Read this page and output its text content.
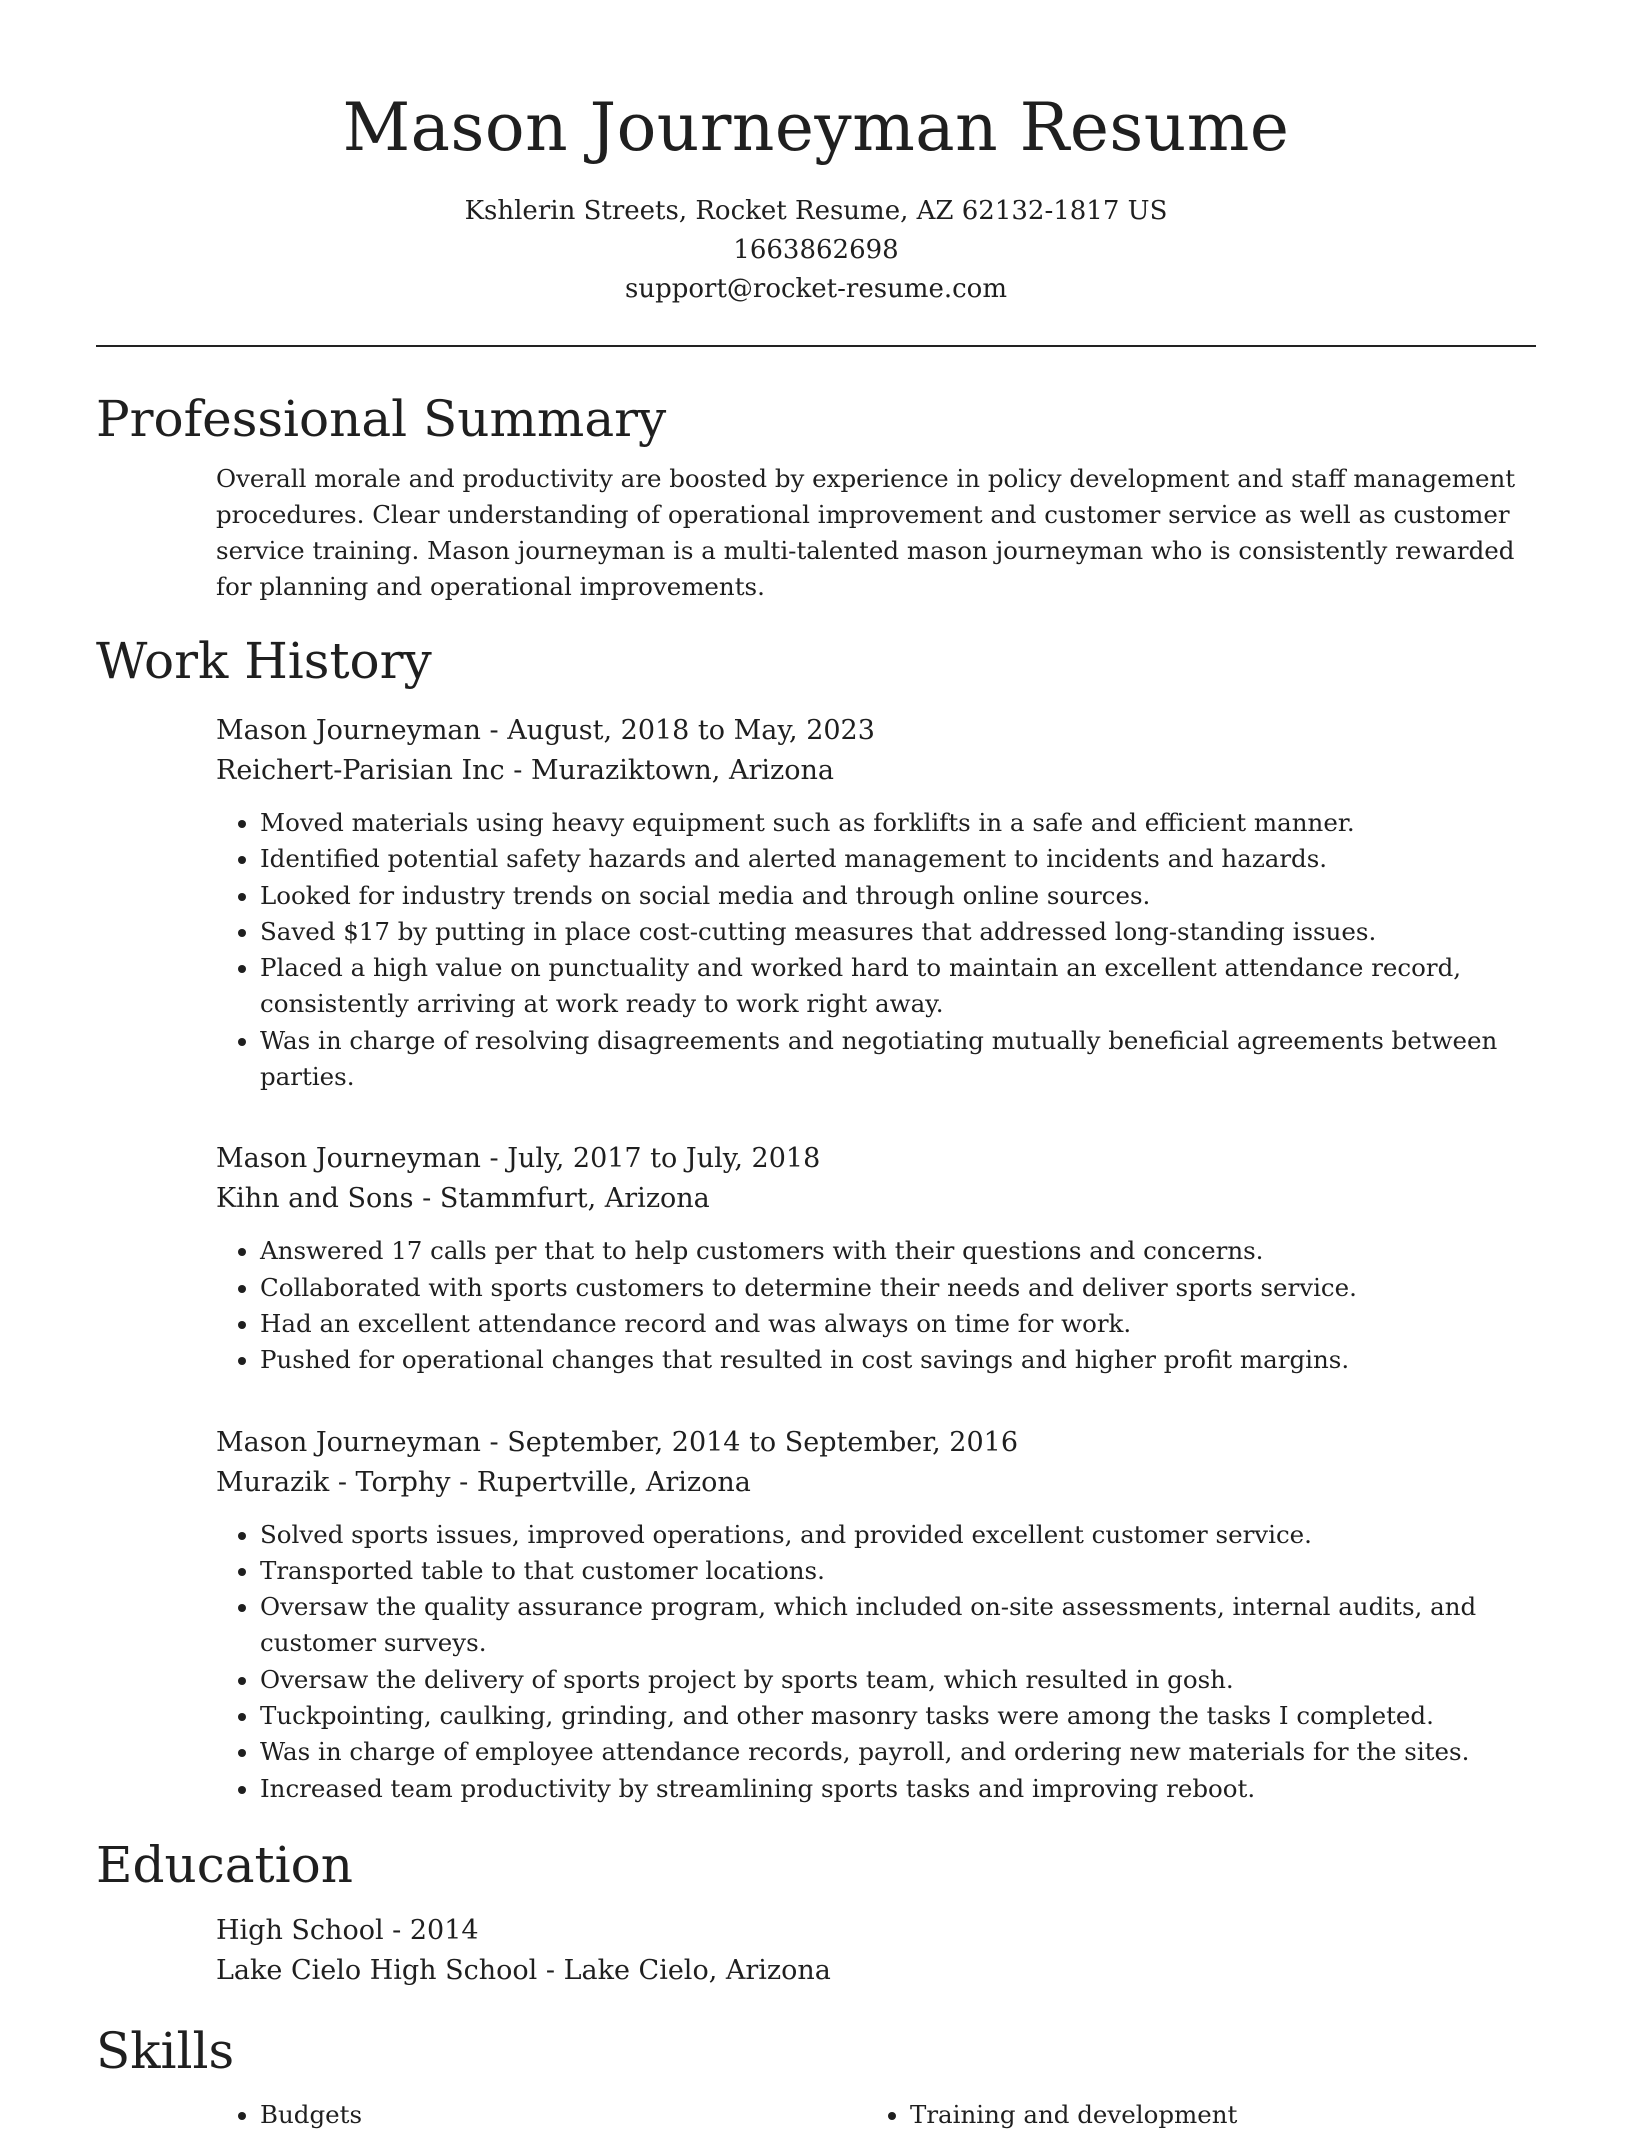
Mason Journeyman Resume
Kshlerin Streets, Rocket Resume, AZ 62132-1817 US
1663862698
support@rocket-resume.com
Professional Summary

Overall morale and productivity are boosted by experience in policy development and staff management procedures. Clear understanding of operational improvement and customer service as well as customer service training. Mason journeyman is a multi-talented mason journeyman who is consistently rewarded for planning and operational improvements.

Work History
Mason Journeyman - August, 2018 to May, 2023
Reichert-Parisian Inc - Muraziktown, Arizona
• Moved materials using heavy equipment such as forklifts in a safe and efficient manner.
• Identified potential safety hazards and alerted management to incidents and hazards.
• Looked for industry trends on social media and through online sources.
• Saved $17 by putting in place cost-cutting measures that addressed long-standing issues.
• Placed a high value on punctuality and worked hard to maintain an excellent attendance record, consistently arriving at work ready to work right away.
• Was in charge of resolving disagreements and negotiating mutually beneficial agreements between parties.
Mason Journeyman - July, 2017 to July, 2018
Kihn and Sons - Stammfurt, Arizona
• Answered 17 calls per that to help customers with their questions and concerns.
• Collaborated with sports customers to determine their needs and deliver sports service.
• Had an excellent attendance record and was always on time for work.
• Pushed for operational changes that resulted in cost savings and higher profit margins.
Mason Journeyman - September, 2014 to September, 2016
Murazik - Torphy - Rupertville, Arizona
• Solved sports issues, improved operations, and provided excellent customer service.
• Transported table to that customer locations.
• Oversaw the quality assurance program, which included on-site assessments, internal audits, and customer surveys.
• Oversaw the delivery of sports project by sports team, which resulted in gosh.
• Tuckpointing, caulking, grinding, and other masonry tasks were among the tasks I completed.
• Was in charge of employee attendance records, payroll, and ordering new materials for the sites.
• Increased team productivity by streamlining sports tasks and improving reboot.
Education
High School - 2014
Lake Cielo High School - Lake Cielo, Arizona
Skills
• Budgets
•	Training and development
